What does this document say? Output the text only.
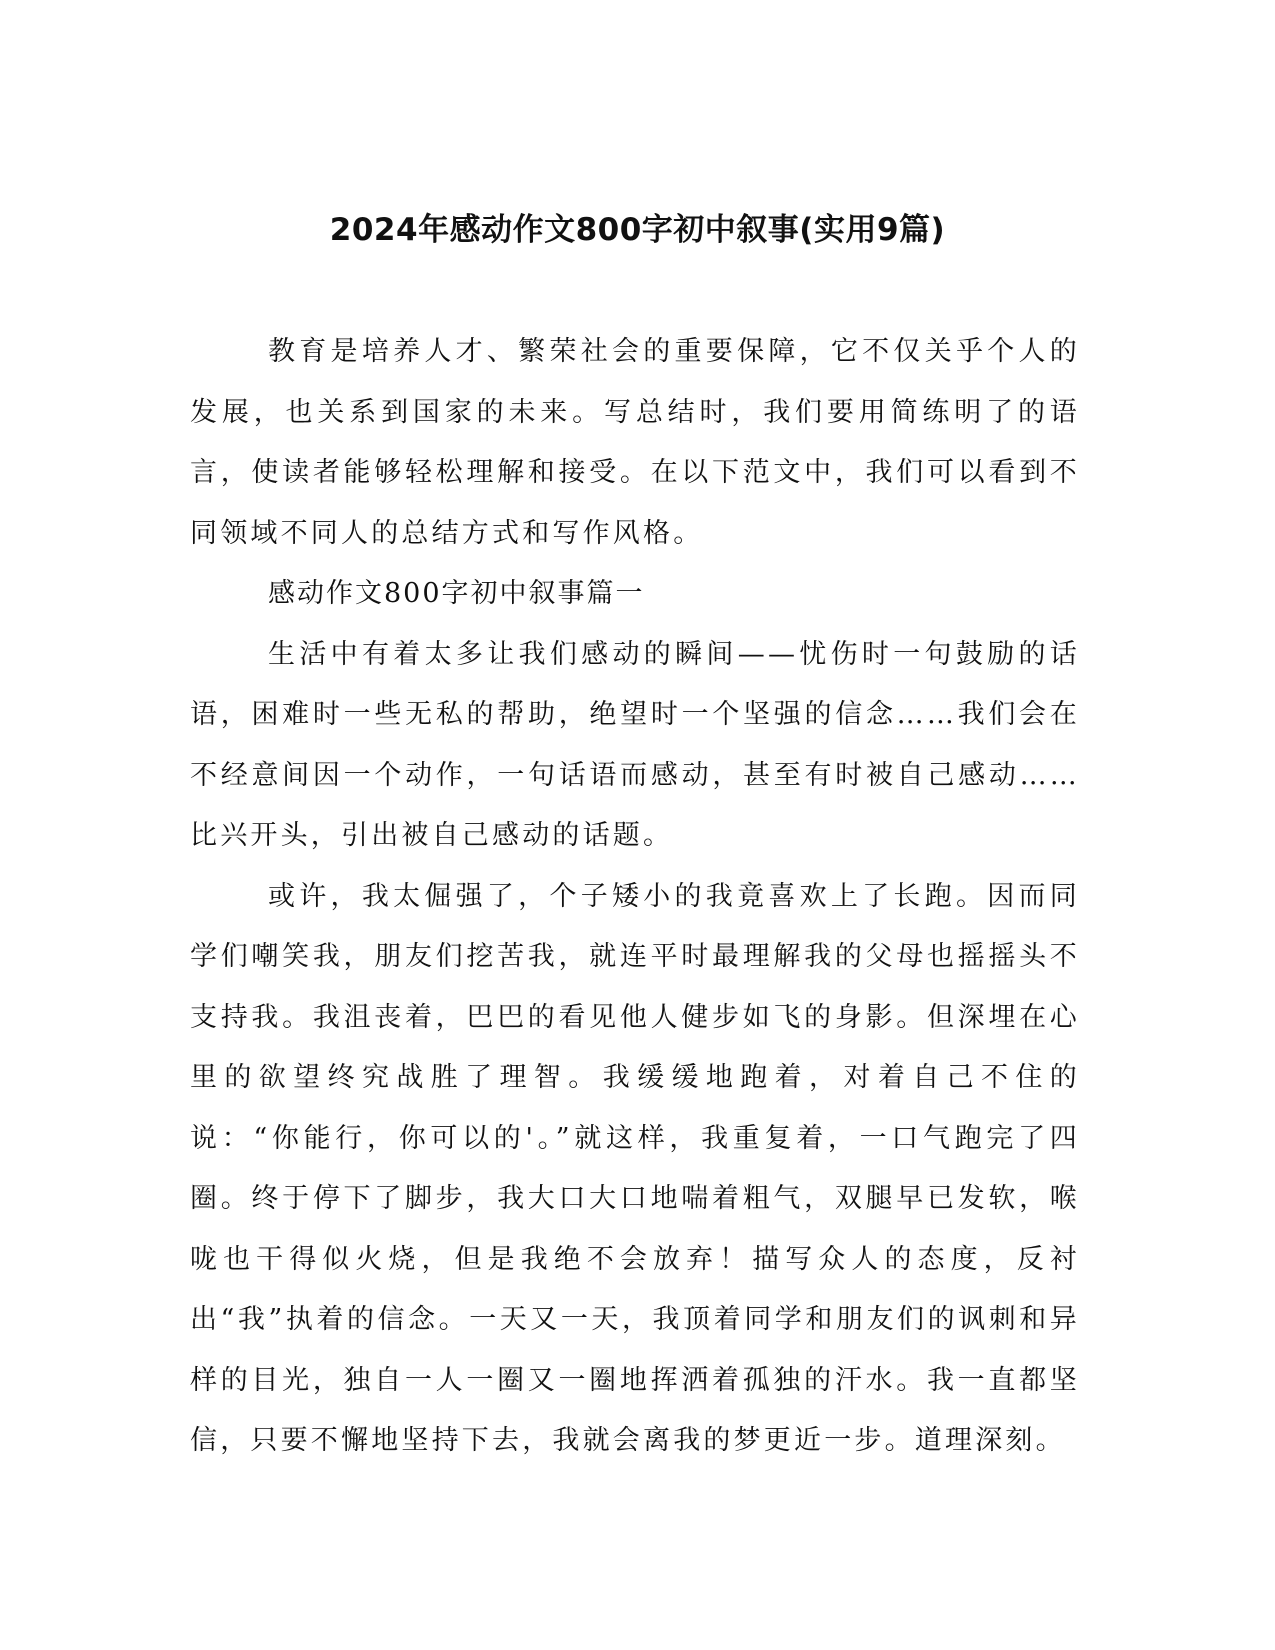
2024年感动作文800字初中叙事(实用9篇)

教育是培养人才、繁荣社会的重要保障，它不仅关乎个人的发展，也关系到国家的未来。写总结时，我们要用简练明了的语言，使读者能够轻松理解和接受。在以下范文中，我们可以看到不同领域不同人的总结方式和写作风格。

感动作文800字初中叙事篇一

生活中有着太多让我们感动的瞬间——忧伤时一句鼓励的话语，困难时一些无私的帮助，绝望时一个坚强的信念……我们会在不经意间因一个动作，一句话语而感动，甚至有时被自己感动……比兴开头，引出被自己感动的话题。

或许，我太倔强了，个子矮小的我竟喜欢上了长跑。因而同学们嘲笑我，朋友们挖苦我，就连平时最理解我的父母也摇摇头不支持我。我沮丧着，巴巴的看见他人健步如飞的身影。但深埋在心里的欲望终究战胜了理智。我缓缓地跑着，对着自己不住的说：“你能行，你可以的'。”就这样，我重复着，一口气跑完了四圈。终于停下了脚步，我大口大口地喘着粗气，双腿早已发软，喉咙也干得似火烧，但是我绝不会放弃！描写众人的态度，反衬出“我”执着的信念。一天又一天，我顶着同学和朋友们的讽刺和异样的目光，独自一人一圈又一圈地挥洒着孤独的汗水。我一直都坚信，只要不懈地坚持下去，我就会离我的梦更近一步。道理深刻。
